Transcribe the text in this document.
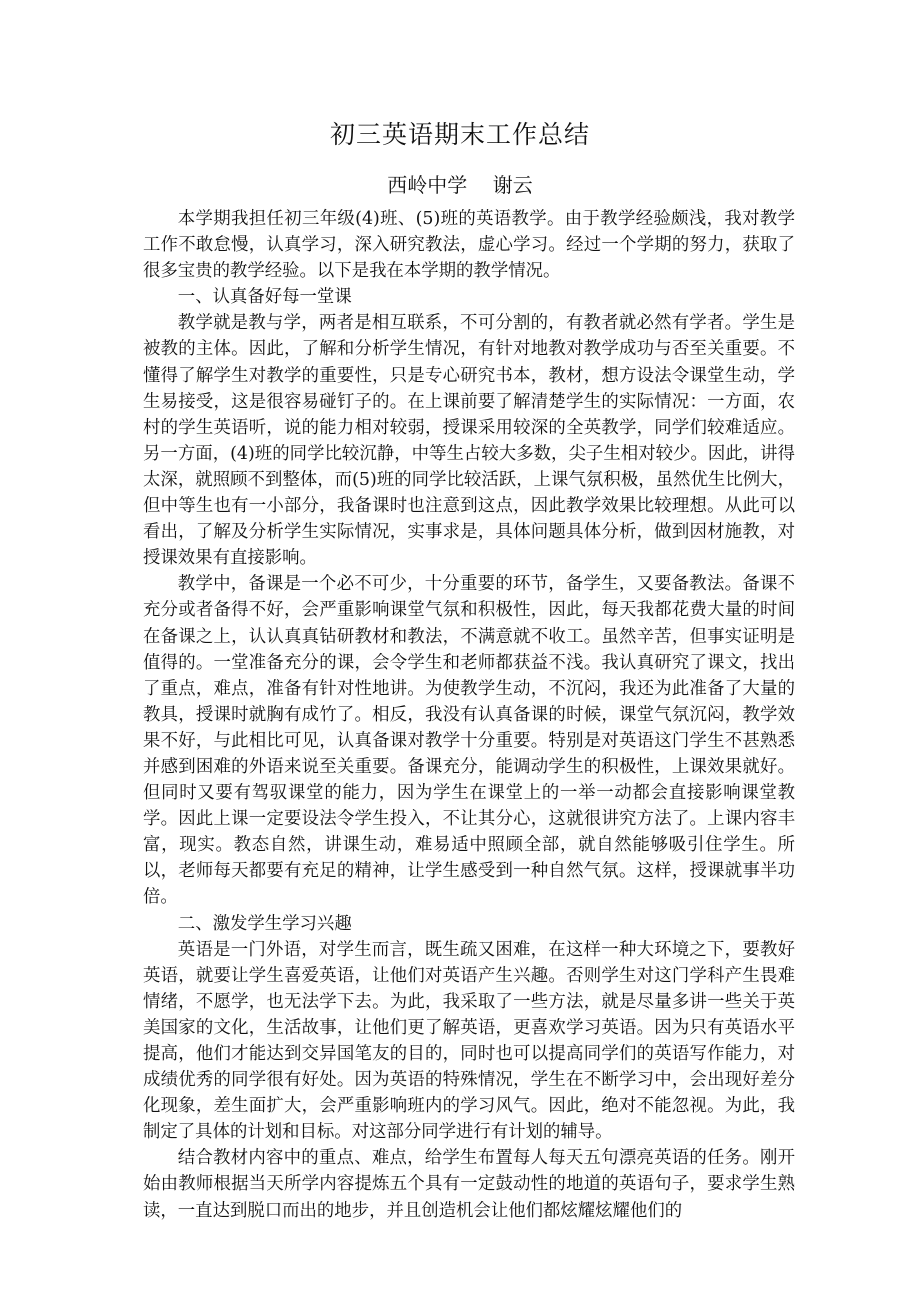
初三英语期末工作总结
西岭中学    谢云

本学期我担任初三年级(4)班、(5)班的英语教学。由于教学经验颇浅，我对教学工作不敢怠慢，认真学习，深入研究教法，虚心学习。经过一个学期的努力，获取了很多宝贵的教学经验。以下是我在本学期的教学情况。

一、认真备好每一堂课

教学就是教与学，两者是相互联系，不可分割的，有教者就必然有学者。学生是被教的主体。因此，了解和分析学生情况，有针对地教对教学成功与否至关重要。不懂得了解学生对教学的重要性，只是专心研究书本，教材，想方设法令课堂生动，学生易接受，这是很容易碰钉子的。在上课前要了解清楚学生的实际情况：一方面，农村的学生英语听，说的能力相对较弱，授课采用较深的全英教学，同学们较难适应。另一方面，(4)班的同学比较沉静，中等生占较大多数，尖子生相对较少。因此，讲得太深，就照顾不到整体，而(5)班的同学比较活跃，上课气氛积极，虽然优生比例大，但中等生也有一小部分，我备课时也注意到这点，因此教学效果比较理想。从此可以看出，了解及分析学生实际情况，实事求是，具体问题具体分析，做到因材施教，对授课效果有直接影响。

教学中，备课是一个必不可少，十分重要的环节，备学生，又要备教法。备课不充分或者备得不好，会严重影响课堂气氛和积极性，因此，每天我都花费大量的时间在备课之上，认认真真钻研教材和教法，不满意就不收工。虽然辛苦，但事实证明是值得的。一堂准备充分的课，会令学生和老师都获益不浅。我认真研究了课文，找出了重点，难点，准备有针对性地讲。为使教学生动，不沉闷，我还为此准备了大量的教具，授课时就胸有成竹了。相反，我没有认真备课的时候，课堂气氛沉闷，教学效果不好，与此相比可见，认真备课对教学十分重要。特别是对英语这门学生不甚熟悉并感到困难的外语来说至关重要。备课充分，能调动学生的积极性，上课效果就好。但同时又要有驾驭课堂的能力，因为学生在课堂上的一举一动都会直接影响课堂教学。因此上课一定要设法令学生投入，不让其分心，这就很讲究方法了。上课内容丰富，现实。教态自然，讲课生动，难易适中照顾全部，就自然能够吸引住学生。所以，老师每天都要有充足的精神，让学生感受到一种自然气氛。这样，授课就事半功倍。

二、激发学生学习兴趣

英语是一门外语，对学生而言，既生疏又困难，在这样一种大环境之下，要教好英语，就要让学生喜爱英语，让他们对英语产生兴趣。否则学生对这门学科产生畏难情绪，不愿学，也无法学下去。为此，我采取了一些方法，就是尽量多讲一些关于英美国家的文化，生活故事，让他们更了解英语，更喜欢学习英语。因为只有英语水平提高，他们才能达到交异国笔友的目的，同时也可以提高同学们的英语写作能力，对成绩优秀的同学很有好处。因为英语的特殊情况，学生在不断学习中，会出现好差分化现象，差生面扩大，会严重影响班内的学习风气。因此，绝对不能忽视。为此，我制定了具体的计划和目标。对这部分同学进行有计划的辅导。

结合教材内容中的重点、难点，给学生布置每人每天五句漂亮英语的任务。刚开始由教师根据当天所学内容提炼五个具有一定鼓动性的地道的英语句子，要求学生熟读，一直达到脱口而出的地步，并且创造机会让他们都炫耀炫耀他们的
